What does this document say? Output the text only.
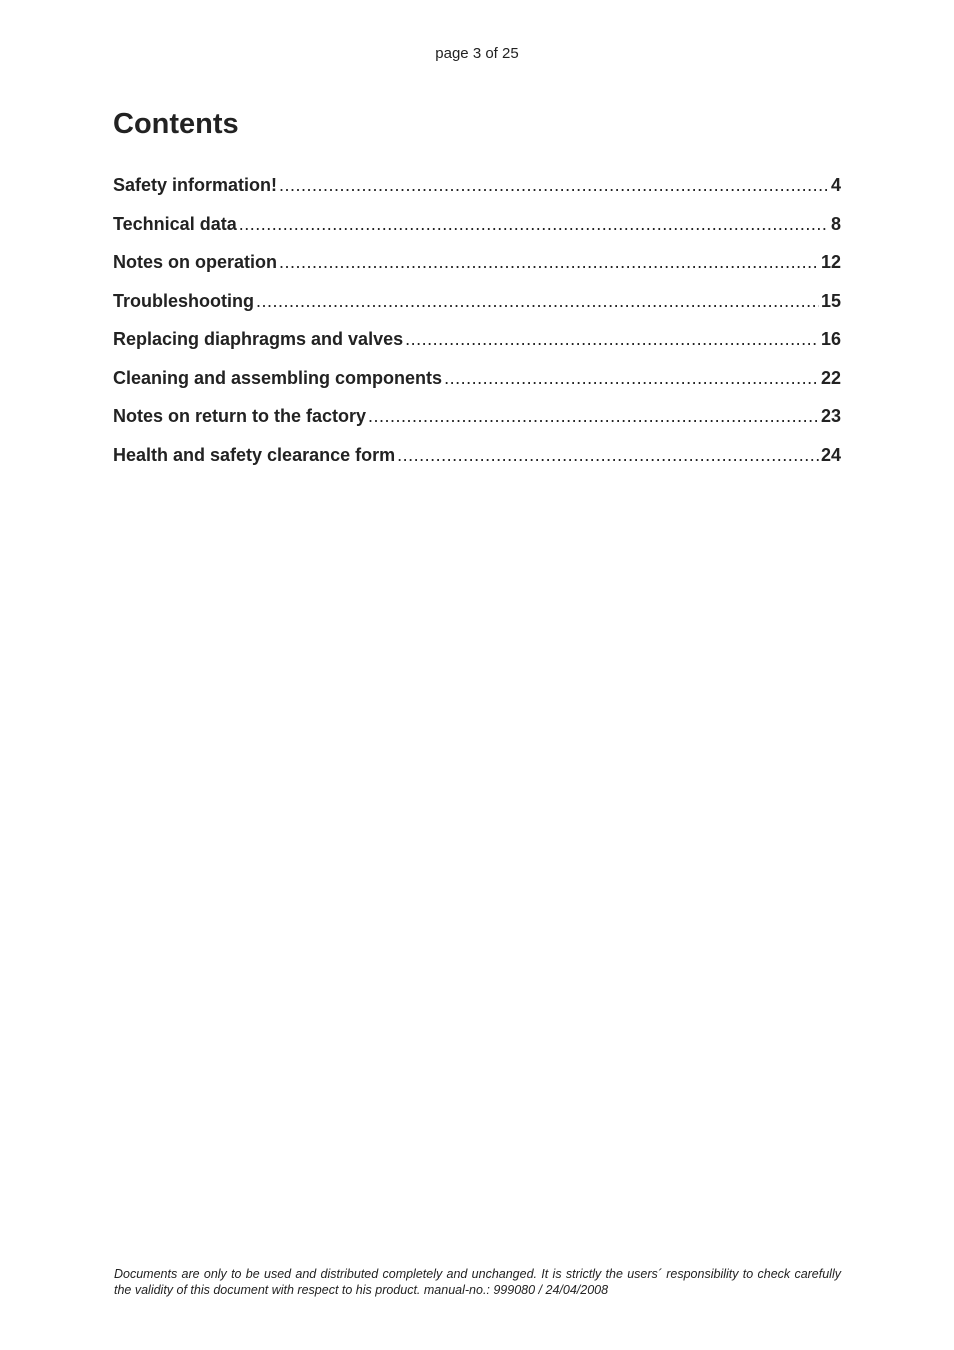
page 3 of 25
Contents
Safety information! .....	4
Technical data .....	8
Notes on operation .....	12
Troubleshooting .....	15
Replacing diaphragms and valves .....	16
Cleaning and assembling components .....	22
Notes on return to the factory .....	23
Health and safety clearance form .....	24

Documents are only to be used and distributed completely and unchanged. It is strictly the users´ responsibility to check carefully the validity of this document with respect to his product. manual-no.: 999080 / 24/04/2008
